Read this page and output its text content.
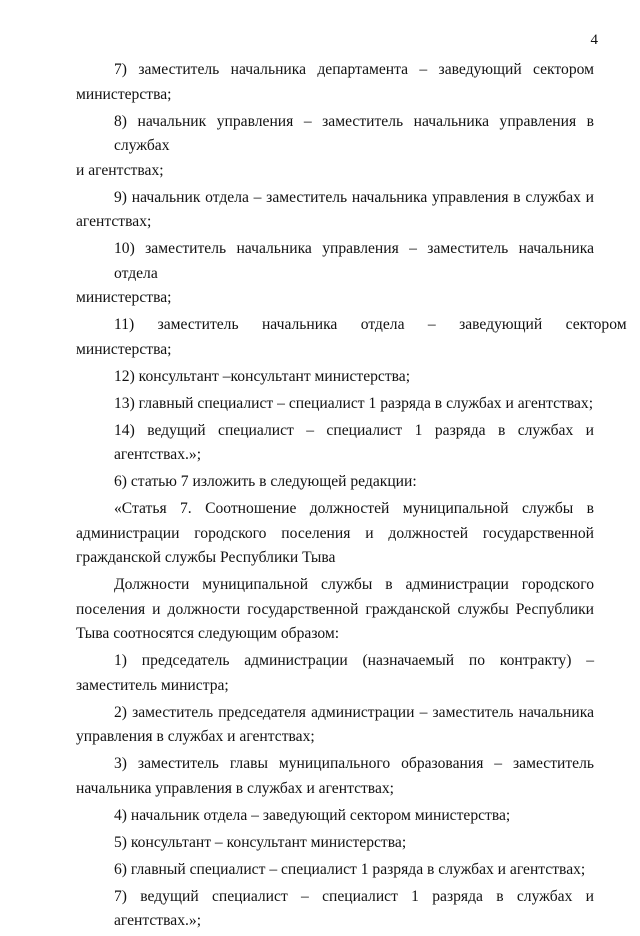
4

7) заместитель начальника департамента – заведующий сектором
министерства;

8) начальник управления – заместитель начальника управления в службах
и агентствах;

9) начальник отдела – заместитель начальника управления в службах и
агентствах;

10) заместитель начальника управления – заместитель начальника отдела
министерства;

11)      заместитель      начальника      отдела      –      заведующий      сектором
министерства;

12) консультант –консультант министерства;

13) главный специалист – специалист 1 разряда в службах и агентствах;

14) ведущий специалист – специалист 1 разряда в службах и агентствах.»;

6) статью 7 изложить в следующей редакции:

«Статья 7. Соотношение должностей муниципальной службы в
администрации городского поселения и должностей государственной гражданской службы Республики Тыва

Должности муниципальной службы в администрации городского
поселения и должности государственной гражданской службы Республики Тыва соотносятся следующим образом:

1) председатель администрации (назначаемый по контракту) –
заместитель министра;

2) заместитель председателя администрации – заместитель начальника
управления в службах и агентствах;

3) заместитель главы муниципального образования – заместитель
начальника управления в службах и агентствах;

4) начальник отдела – заведующий сектором министерства;

5) консультант – консультант министерства;

6) главный специалист – специалист 1 разряда в службах и агентствах;

7) ведущий специалист – специалист 1 разряда в службах и агентствах.»;
